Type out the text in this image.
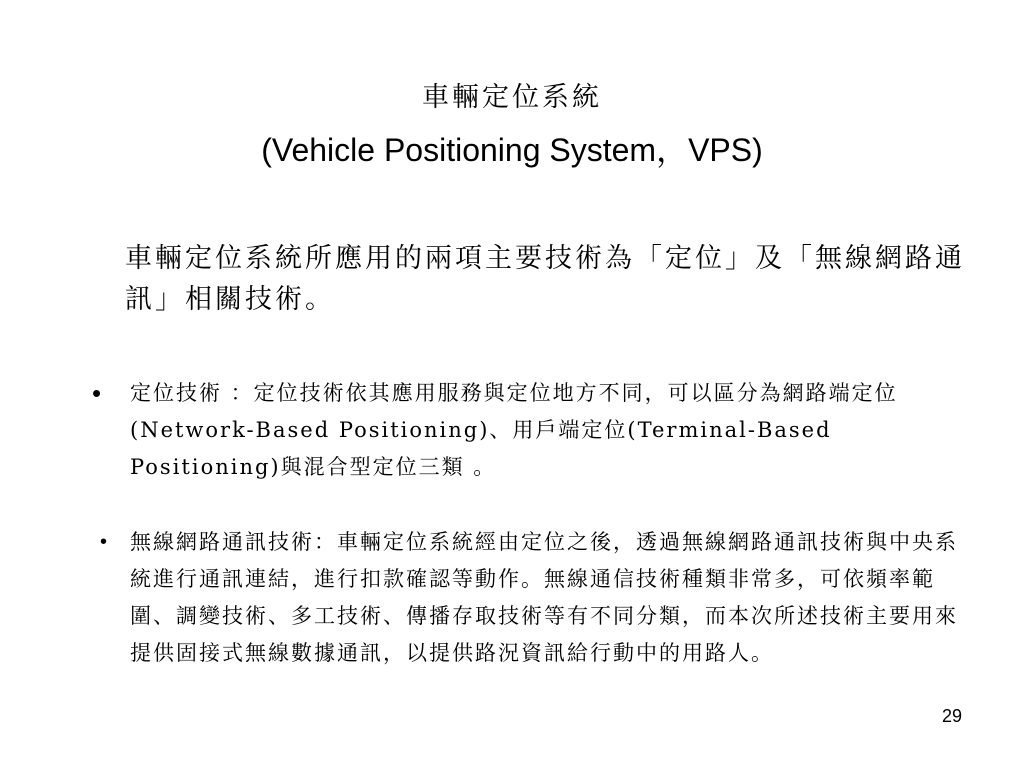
車輛定位系統
(Vehicle Positioning System，VPS)
車輛定位系統所應用的兩項主要技術為「定位」及「無線網路通訊」相關技術。
• 定位技術 ：定位技術依其應用服務與定位地方不同，可以區分為網路端定位(Network-Based Positioning)、用戶端定位(Terminal-Based Positioning)與混合型定位三類 。
• 無線網路通訊技術：車輛定位系統經由定位之後，透過無線網路通訊技術與中央系統進行通訊連結，進行扣款確認等動作。無線通信技術種類非常多，可依頻率範圍、調變技術、多工技術、傳播存取技術等有不同分類，而本次所述技術主要用來提供固接式無線數據通訊，以提供路況資訊給行動中的用路人。
29
